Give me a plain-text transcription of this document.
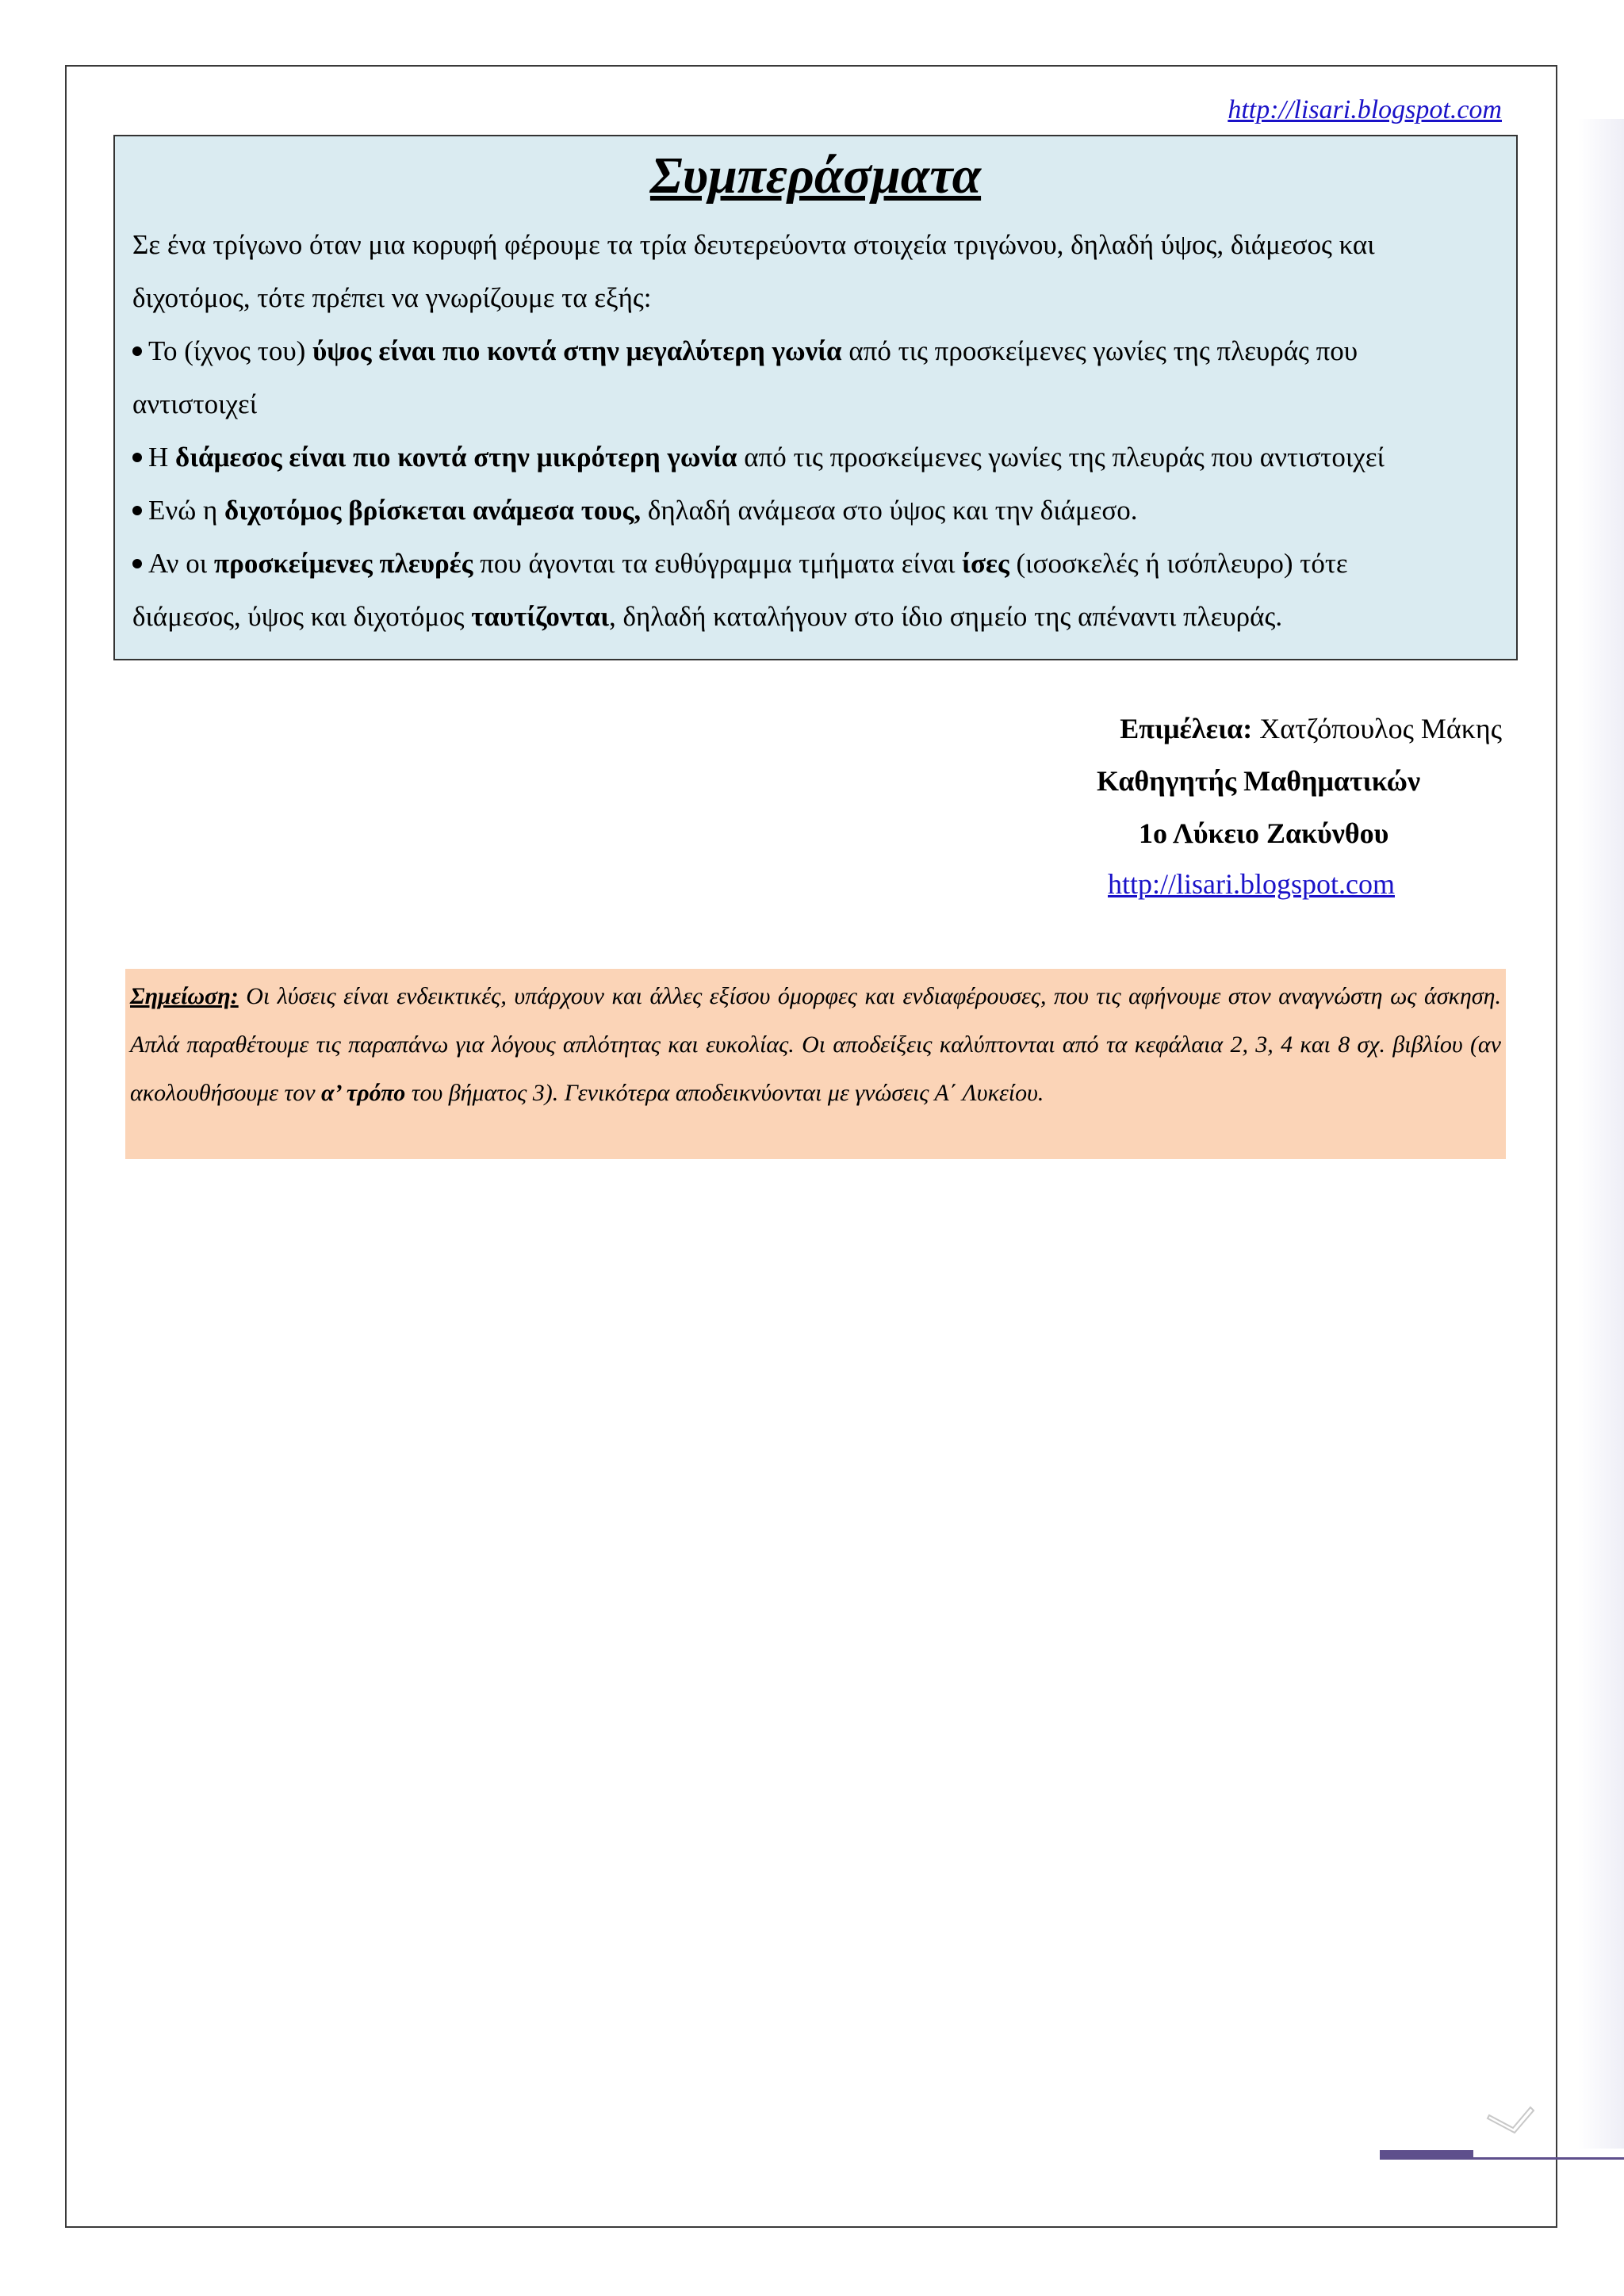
http://lisari.blogspot.com
Συμπεράσματα

Σε ένα τρίγωνο όταν μια κορυφή φέρουμε τα τρία δευτερεύοντα στοιχεία τριγώνου, δηλαδή ύψος, διάμεσος και

διχοτόμος, τότε πρέπει να γνωρίζουμε τα εξής:

Το (ίχνος του) ύψος είναι πιο κοντά στην μεγαλύτερη γωνία από τις προσκείμενες γωνίες της πλευράς που

αντιστοιχεί

Η διάμεσος είναι πιο κοντά στην μικρότερη γωνία από τις προσκείμενες γωνίες της πλευράς που αντιστοιχεί

Ενώ η διχοτόμος βρίσκεται ανάμεσα τους, δηλαδή ανάμεσα στο ύψος και την διάμεσο.

Αν οι προσκείμενες πλευρές που άγονται τα ευθύγραμμα τμήματα είναι ίσες (ισοσκελές ή ισόπλευρο) τότε

διάμεσος, ύψος και διχοτόμος ταυτίζονται, δηλαδή καταλήγουν στο ίδιο σημείο της απέναντι πλευράς.

Επιμέλεια: Χατζόπουλος Μάκης
Καθηγητής Μαθηματικών
1ο Λύκειο Ζακύνθου
http://lisari.blogspot.com

Σημείωση: Οι λύσεις είναι ενδεικτικές, υπάρχουν και άλλες εξίσου όμορφες και ενδιαφέρουσες, που τις αφήνουμε στον αναγνώστη ως άσκηση. Απλά παραθέτουμε τις παραπάνω για λόγους απλότητας και ευκολίας. Οι αποδείξεις καλύπτονται από τα κεφάλαια 2, 3, 4 και 8 σχ. βιβλίου (αν ακολουθήσουμε τον α’ τρόπο του βήματος 3). Γενικότερα αποδεικνύονται με γνώσεις Α΄ Λυκείου.
